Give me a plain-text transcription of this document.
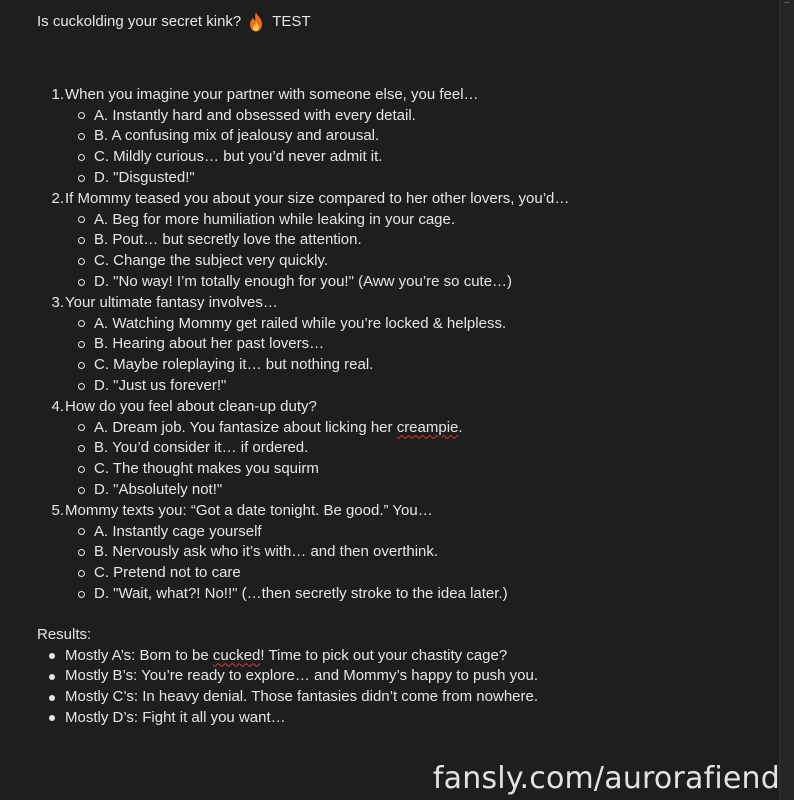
Is cuckolding your secret kink? TEST
1. When you imagine your partner with someone else, you feel…
A. Instantly hard and obsessed with every detail.
B. A confusing mix of jealousy and arousal.
C. Mildly curious… but you’d never admit it.
D. "Disgusted!"
2. If Mommy teased you about your size compared to her other lovers, you’d…
A. Beg for more humiliation while leaking in your cage.
B. Pout… but secretly love the attention.
C. Change the subject very quickly.
D. "No way! I’m totally enough for you!" (Aww you’re so cute…)
3. Your ultimate fantasy involves…
A. Watching Mommy get railed while you’re locked & helpless.
B. Hearing about her past lovers…
C. Maybe roleplaying it… but nothing real.
D. "Just us forever!"
4. How do you feel about clean-up duty?
A. Dream job. You fantasize about licking her creampie.
B. You’d consider it… if ordered.
C. The thought makes you squirm
D. "Absolutely not!"
5. Mommy texts you: “Got a date tonight. Be good.” You…
A. Instantly cage yourself
B. Nervously ask who it’s with… and then overthink.
C. Pretend not to care
D. "Wait, what?! No!!" (…then secretly stroke to the idea later.)
Results:
Mostly A’s: Born to be cucked! Time to pick out your chastity cage?
Mostly B’s: You’re ready to explore… and Mommy’s happy to push you.
Mostly C’s: In heavy denial. Those fantasies didn’t come from nowhere.
Mostly D’s: Fight it all you want…
fansly.com/aurorafiend
